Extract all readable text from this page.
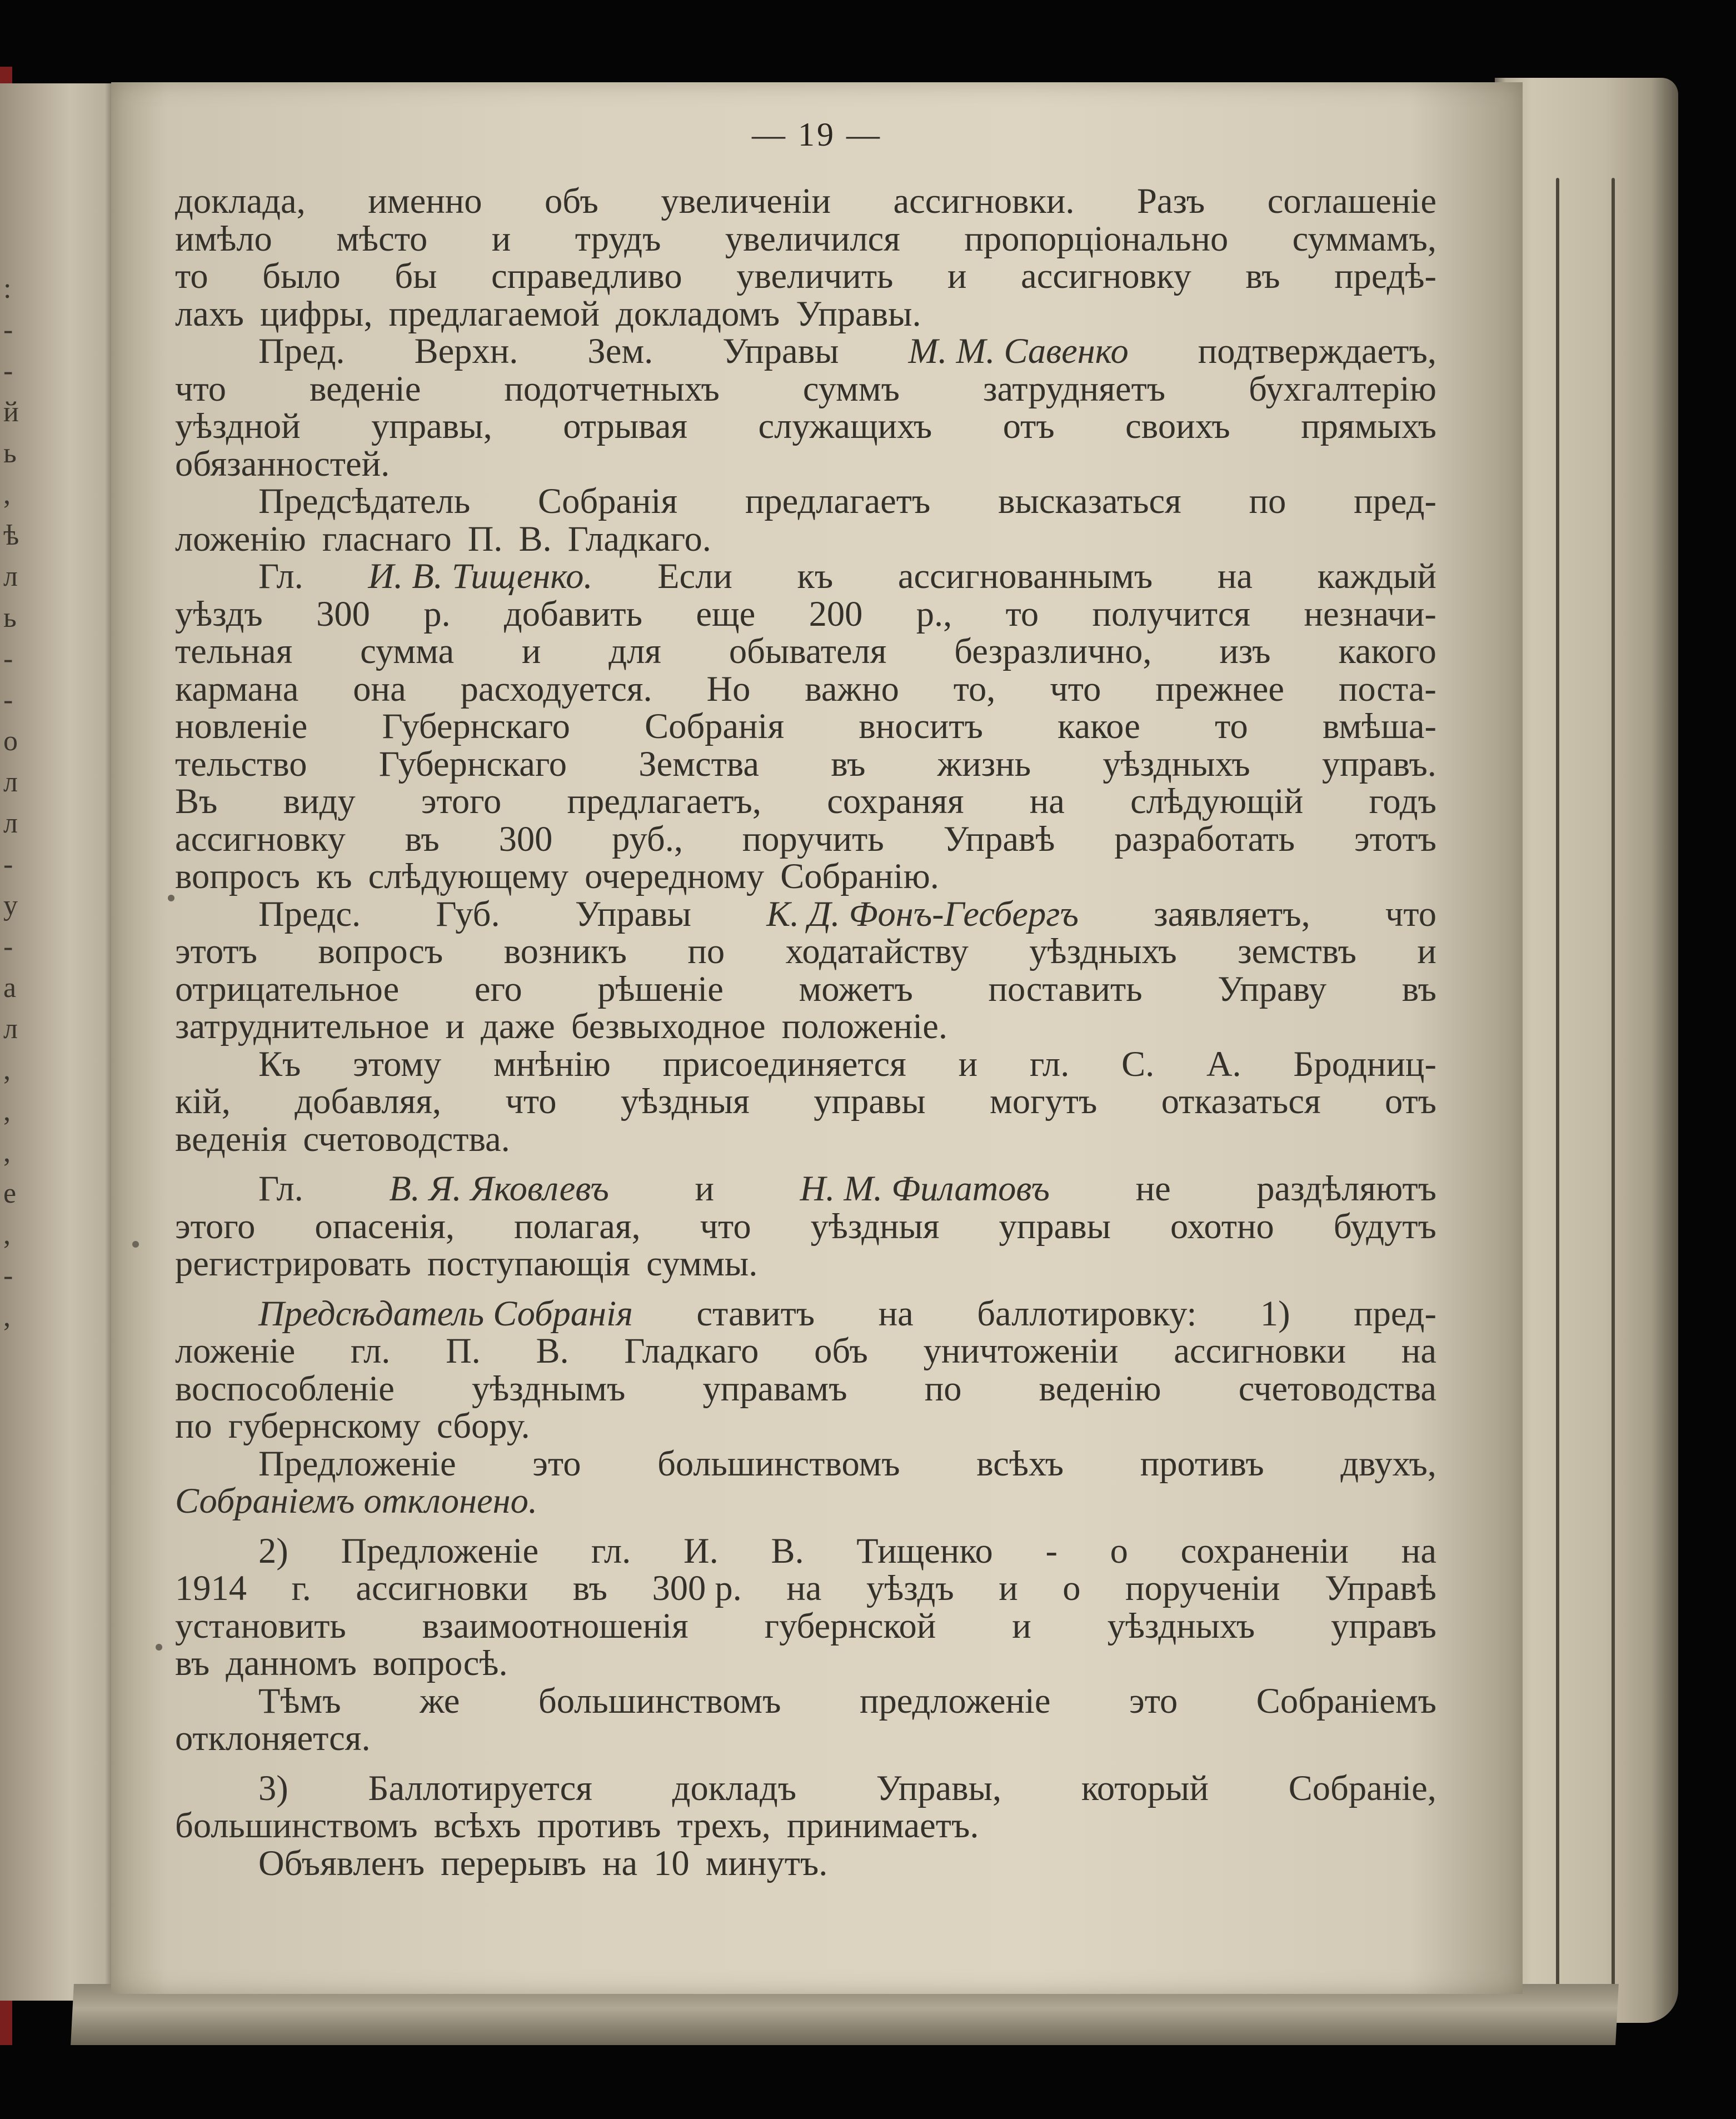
:
-
-
й
ь
,
ѣ
л
ь
-
-
о
л
л
-
у
-
а
л
,
,
,
е
,
-
,
— 19 —
доклада, именно объ увеличеніи ассигновки. Разъ соглашеніе
имѣло мѣсто и трудъ увеличился пропорціонально суммамъ,
то было бы справедливо увеличить и ассигновку въ предѣ-
лахъ цифры, предлагаемой докладомъ Управы.
Пред. Верхн. Зем. Управы М. М. Савенко подтверждаетъ,
что веденіе подотчетныхъ суммъ затрудняетъ бухгалтерію
уѣздной управы, отрывая служащихъ отъ своихъ прямыхъ
обязанностей.
Предсѣдатель Собранія предлагаетъ высказаться по пред-
ложенію гласнаго П. В. Гладкаго.
Гл. И. В. Тищенко. Если къ ассигнованнымъ на каждый
уѣздъ 300 р. добавить еще 200 р., то получится незначи-
тельная сумма и для обывателя безразлично, изъ какого
кармана она расходуется. Но важно то, что прежнее поста-
новленіе Губернскаго Собранія вноситъ какое то вмѣша-
тельство Губернскаго Земства въ жизнь уѣздныхъ управъ.
Въ виду этого предлагаетъ, сохраняя на слѣдующій годъ
ассигновку въ 300 руб., поручить Управѣ разработать этотъ
вопросъ къ слѣдующему очередному Собранію.
Предс. Губ. Управы К. Д. Фонъ-Гесбергъ заявляетъ, что
этотъ вопросъ возникъ по ходатайству уѣздныхъ земствъ и
отрицательное его рѣшеніе можетъ поставить Управу въ
затруднительное и даже безвыходное положеніе.
Къ этому мнѣнію присоединяется и гл. С. А. Бродниц-
кій, добавляя, что уѣздныя управы могутъ отказаться отъ
веденія счетоводства.
Гл. В. Я. Яковлевъ и Н. М. Филатовъ не раздѣляютъ
этого опасенія, полагая, что уѣздныя управы охотно будутъ
регистрировать поступающія суммы.
Предсѣдатель Собранія ставитъ на баллотировку: 1) пред-
ложеніе гл. П. В. Гладкаго объ уничтоженіи ассигновки на
воспособленіе уѣзднымъ управамъ по веденію счетоводства
по губернскому сбору.
Предложеніе это большинствомъ всѣхъ противъ двухъ,
Собраніемъ отклонено.
2) Предложеніе гл. И. В. Тищенко - о сохраненіи на
1914 г. ассигновки въ 300 р. на уѣздъ и о порученіи Управѣ
установить взаимоотношенія губернской и уѣздныхъ управъ
въ данномъ вопросѣ.
Тѣмъ же большинствомъ предложеніе это Собраніемъ
отклоняется.
3) Баллотируется докладъ Управы, который Собраніе,
большинствомъ всѣхъ противъ трехъ, принимаетъ.
Объявленъ перерывъ на 10 минутъ.
